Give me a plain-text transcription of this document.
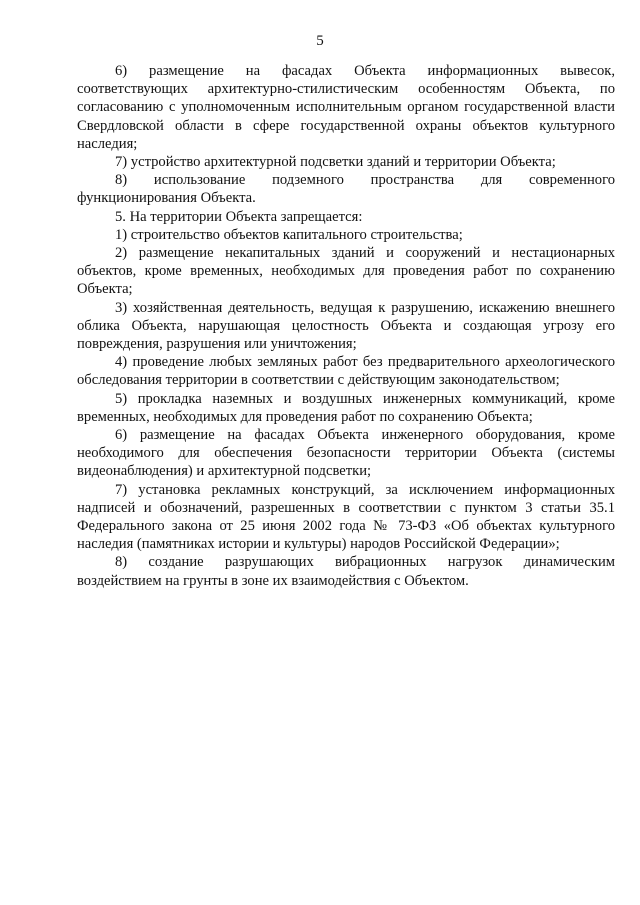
5

6) размещение на фасадах Объекта информационных вывесок, соответствующих архитектурно-стилистическим особенностям Объекта, по согласованию с уполномоченным исполнительным органом государственной власти Свердловской области в сфере государственной охраны объектов культурного наследия;

7) устройство архитектурной подсветки зданий и территории Объекта;

8) использование подземного пространства для современного функционирования Объекта.

5. На территории Объекта запрещается:

1) строительство объектов капитального строительства;

2) размещение некапитальных зданий и сооружений и нестационарных объектов, кроме временных, необходимых для проведения работ по сохранению Объекта;

3) хозяйственная деятельность, ведущая к разрушению, искажению внешнего облика Объекта, нарушающая целостность Объекта и создающая угрозу его повреждения, разрушения или уничтожения;

4) проведение любых земляных работ без предварительного археологического обследования территории в соответствии с действующим законодательством;

5) прокладка наземных и воздушных инженерных коммуникаций, кроме временных, необходимых для проведения работ по сохранению Объекта;

6) размещение на фасадах Объекта инженерного оборудования, кроме необходимого для обеспечения безопасности территории Объекта (системы видеонаблюдения) и архитектурной подсветки;

7) установка рекламных конструкций, за исключением информационных надписей и обозначений, разрешенных в соответствии с пунктом 3 статьи 35.1 Федерального закона от 25 июня 2002 года № 73-ФЗ «Об объектах культурного наследия (памятниках истории и культуры) народов Российской Федерации»;

8) создание разрушающих вибрационных нагрузок динамическим воздействием на грунты в зоне их взаимодействия с Объектом.
